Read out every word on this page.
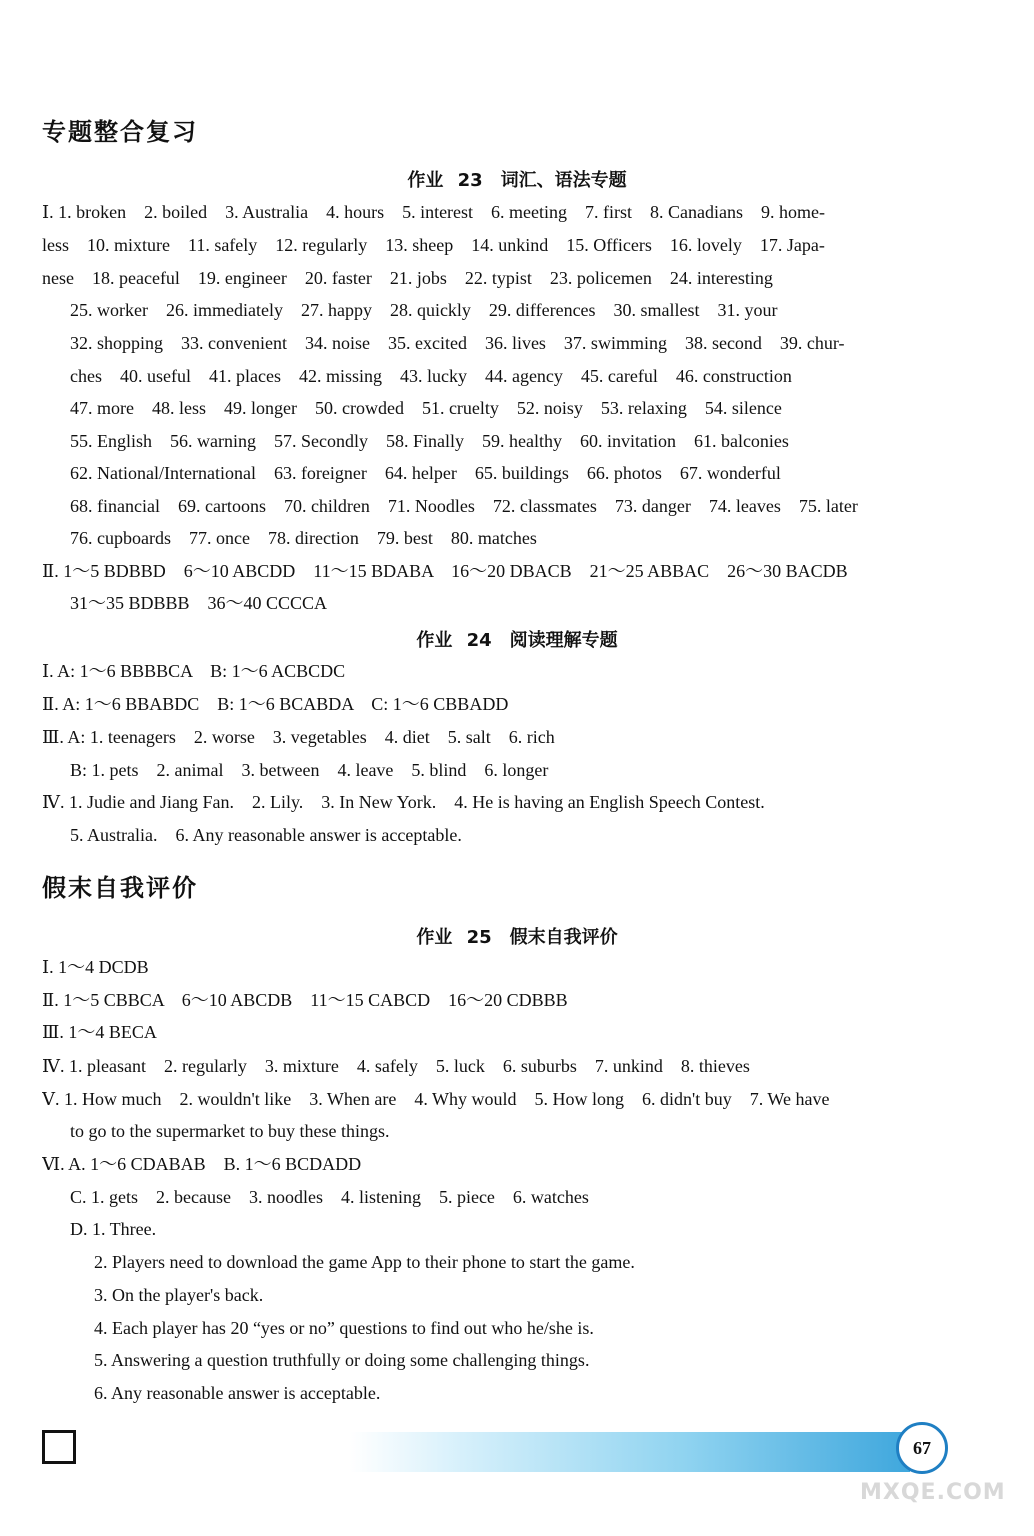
专题整合复习
作业 23　词汇、语法专题
Ⅰ. 1. broken　2. boiled　3. Australia　4. hours　5. interest　6. meeting　7. first　8. Canadians　9. home-
less　10. mixture　11. safely　12. regularly　13. sheep　14. unkind　15. Officers　16. lovely　17. Japa-
nese　18. peaceful　19. engineer　20. faster　21. jobs　22. typist　23. policemen　24. interesting
25. worker　26. immediately　27. happy　28. quickly　29. differences　30. smallest　31. your
32. shopping　33. convenient　34. noise　35. excited　36. lives　37. swimming　38. second　39. chur-
ches　40. useful　41. places　42. missing　43. lucky　44. agency　45. careful　46. construction
47. more　48. less　49. longer　50. crowded　51. cruelty　52. noisy　53. relaxing　54. silence
55. English　56. warning　57. Secondly　58. Finally　59. healthy　60. invitation　61. balconies
62. National/International　63. foreigner　64. helper　65. buildings　66. photos　67. wonderful
68. financial　69. cartoons　70. children　71. Noodles　72. classmates　73. danger　74. leaves　75. later
76. cupboards　77. once　78. direction　79. best　80. matches
Ⅱ. 1～5 BDBBD　6～10 ABCDD　11～15 BDABA　16～20 DBACB　21～25 ABBAC　26～30 BACDB
31～35 BDBBB　36～40 CCCCA
作业 24　阅读理解专题
Ⅰ. A: 1～6 BBBBCA　B: 1～6 ACBCDC
Ⅱ. A: 1～6 BBABDC　B: 1～6 BCABDA　C: 1～6 CBBADD
Ⅲ. A: 1. teenagers　2. worse　3. vegetables　4. diet　5. salt　6. rich
B: 1. pets　2. animal　3. between　4. leave　5. blind　6. longer
Ⅳ. 1. Judie and Jiang Fan.　2. Lily.　3. In New York.　4. He is having an English Speech Contest.
5. Australia.　6. Any reasonable answer is acceptable.
假末自我评价
作业 25　假末自我评价
Ⅰ. 1～4 DCDB
Ⅱ. 1～5 CBBCA　6～10 ABCDB　11～15 CABCD　16～20 CDBBB
Ⅲ. 1～4 BECA
Ⅳ. 1. pleasant　2. regularly　3. mixture　4. safely　5. luck　6. suburbs　7. unkind　8. thieves
Ⅴ. 1. How much　2. wouldn't like　3. When are　4. Why would　5. How long　6. didn't buy　7. We have
to go to the supermarket to buy these things.
Ⅵ. A. 1～6 CDABAB　B. 1～6 BCDADD
C. 1. gets　2. because　3. noodles　4. listening　5. piece　6. watches
D. 1. Three.
2. Players need to download the game App to their phone to start the game.
3. On the player's back.
4. Each player has 20 “yes or no” questions to find out who he/she is.
5. Answering a question truthfully or doing some challenging things.
6. Any reasonable answer is acceptable.
67
MXQE.COM
